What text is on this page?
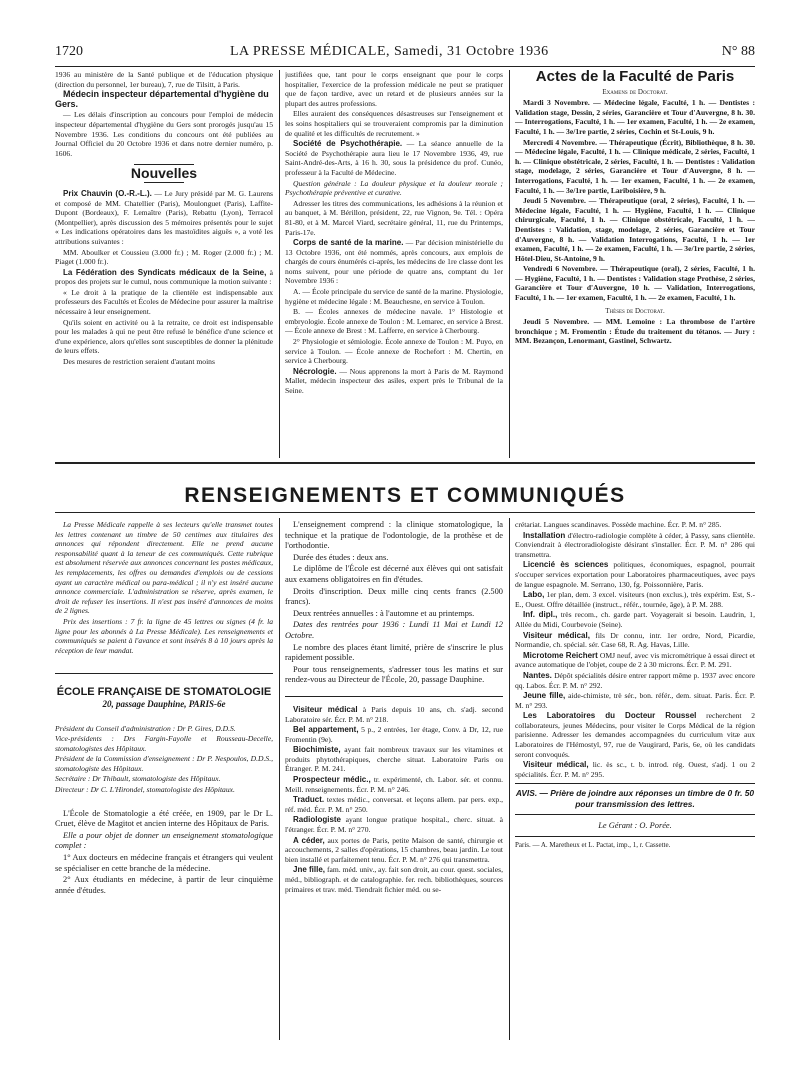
1720	LA PRESSE MÉDICALE, Samedi, 31 Octobre 1936	N° 88

1936 au ministère de la Santé publique et de l'éducation physique (direction du personnel, 1er bureau), 7, rue de Tilsitt, à Paris.

Médecin inspecteur départemental d'hygiène du Gers.

— Les délais d'inscription au concours pour l'emploi de médecin inspecteur départemental d'hygiène du Gers sont prorogés jusqu'au 15 Novembre 1936. Les conditions du concours ont été publiées au Journal Officiel du 20 Octobre 1936 et dans notre dernier numéro, p. 1606.

Nouvelles

Prix Chauvin (O.-R.-L.). — Le Jury présidé par M. G. Laurens et composé de MM. Chatellier (Paris), Moulonguet (Paris), Laffite-Dupont (Bordeaux), F. Lemaître (Paris), Rebattu (Lyon), Terracol (Montpellier), après discussion des 5 mémoires présentés pour le sujet « Les indications opératoires dans les mastoïdites aiguës », a voté les attributions suivantes :

MM. Aboulker et Coussieu (3.000 fr.) ; M. Roger (2.000 fr.) ; M. Piaget (1.000 fr.).

La Fédération des Syndicats médicaux de la Seine, à propos des projets sur le cumul, nous communique la motion suivante :

« Le droit à la pratique de la clientèle est indispensable aux professeurs des Facultés et Écoles de Médecine pour assurer la maîtrise nécessaire à leur enseignement.

Qu'ils soient en activité ou à la retraite, ce droit est indispensable pour les malades à qui ne peut être refusé le bénéfice d'une science et d'une expérience, alors qu'elles sont susceptibles de donner la plénitude de leurs effets.

Des mesures de restriction seraient d'autant moins

justifiées que, tant pour le corps enseignant que pour le corps hospitalier, l'exercice de la profession médicale ne peut se pratiquer que de façon tardive, avec un retard et de plusieurs années sur la plupart des autres professions.

Elles auraient des conséquences désastreuses sur l'enseignement et les soins hospitaliers qui se trouveraient compromis par la diminution de qualité et les difficultés de recrutement. »

Société de Psychothérapie. — La séance annuelle de la Société de Psychothérapie aura lieu le 17 Novembre 1936, 49, rue Saint-André-des-Arts, à 16 h. 30, sous la présidence du prof. Cunéo, professeur à la Faculté de Médecine.

Question générale : La douleur physique et la douleur morale ; Psychothérapie préventive et curative.

Adresser les titres des communications, les adhésions à la réunion et au banquet, à M. Bérillon, président, 22, rue Vignon, 9e. Tél. : Opéra 81-80, et à M. Marcel Viard, secrétaire général, 11, rue du Printemps, Paris-17e.

Corps de santé de la marine. — Par décision ministérielle du 13 Octobre 1936, ont été nommés, après concours, aux emplois de chargés de cours énumérés ci-après, les médecins de 1re classe dont les noms suivent, pour une période de quatre ans, comptant du 1er Novembre 1936 :

A. — École principale du service de santé de la marine. Physiologie, hygiène et médecine légale : M. Beauchesne, en service à Toulon.

B. — Écoles annexes de médecine navale. 1° Histologie et embryologie. École annexe de Toulon : M. Lemarec, en service à Brest. — École annexe de Brest : M. Lafferre, en service à Cherbourg.

2° Physiologie et sémiologie. École annexe de Toulon : M. Puyo, en service à Toulon. — École annexe de Rochefort : M. Chertin, en service à Cherbourg.

Nécrologie. — Nous apprenons la mort à Paris de M. Raymond Mallet, médecin inspecteur des asiles, expert près le Tribunal de la Seine.

Actes de la Faculté de Paris

Examens de Doctorat.

Mardi 3 Novembre. — Médecine légale, Faculté, 1 h. — Dentistes : Validation stage, Dessin, 2 séries, Garancière et Tour d'Auvergne, 8 h. 30. — Interrogations, Faculté, 1 h. — 1er examen, Faculté, 1 h. — 2e examen, Faculté, 1 h. — 3e/1re partie, 2 séries, Cochin et St-Louis, 9 h.

Mercredi 4 Novembre. — Thérapeutique (Écrit), Bibliothèque, 8 h. 30. — Médecine légale, Faculté, 1 h. — Clinique médicale, 2 séries, Faculté, 1 h. — Clinique obstétricale, 2 séries, Faculté, 1 h. — Dentistes : Validation stage, modelage, 2 séries, Garancière et Tour d'Auvergne, 8 h. — Interrogations, Faculté, 1 h. — 1er examen, Faculté, 1 h. — 2e examen, Faculté, 1 h. — 3e/1re partie, Lariboisière, 9 h.

Jeudi 5 Novembre. — Thérapeutique (oral, 2 séries), Faculté, 1 h. — Médecine légale, Faculté, 1 h. — Hygiène, Faculté, 1 h. — Clinique chirurgicale, Faculté, 1 h. — Clinique obstétricale, Faculté, 1 h. — Dentistes : Validation, stage, modelage, 2 séries, Garancière et Tour d'Auvergne, 8 h. — Validation Interrogations, Faculté, 1 h. — 1er examen, Faculté, 1 h. — 2e examen, Faculté, 1 h. — 3e/1re partie, 2 séries, Hôtel-Dieu, St-Antoine, 9 h.

Vendredi 6 Novembre. — Thérapeutique (oral), 2 séries, Faculté, 1 h. — Hygiène, Faculté, 1 h. — Dentistes : Validation stage Prothèse, 2 séries, Garancière et Tour d'Auvergne, 10 h. — Validation, Interrogations, Faculté, 1 h. — 1er examen, Faculté, 1 h. — 2e examen, Faculté, 1 h.

Thèses de Doctorat.

Jeudi 5 Novembre. — MM. Lemoine : La thrombose de l'artère bronchique ; M. Fromentin : Étude du traitement du tétanos. — Jury : MM. Bezançon, Lenormant, Gastinel, Schwartz.

RENSEIGNEMENTS ET COMMUNIQUÉS

La Presse Médicale rappelle à ses lecteurs qu'elle transmet toutes les lettres contenant un timbre de 50 centimes aux titulaires des annonces qui répondent directement. Elle ne prend aucune responsabilité quant à la teneur de ces communiqués. Cette rubrique est absolument réservée aux annonces concernant les postes médicaux, les remplacements, les offres ou demandes d'emplois ou de cessions ayant un caractère médical ou para-médical ; il n'y est inséré aucune annonce commerciale. L'administration se réserve, après examen, le droit de refuser les insertions. Il n'est pas inséré d'annonces de moins de 2 lignes.

Prix des insertions : 7 fr. la ligne de 45 lettres ou signes (4 fr. la ligne pour les abonnés à La Presse Médicale). Les renseignements et communiqués se paient à l'avance et sont insérés 8 à 10 jours après la réception de leur mandat.

ÉCOLE FRANÇAISE DE STOMATOLOGIE
20, passage Dauphine, PARIS-6e

Président du Conseil d'administration : Dr P. Gires, D.D.S.

Vice-présidents : Drs Fargin-Fayolle et Rousseau-Decelle, stomatologistes des Hôpitaux.

Président de la Commission d'enseignement : Dr P. Nespoulos, D.D.S., stomatologiste des Hôpitaux.

Secrétaire : Dr Thibault, stomatologiste des Hôpitaux.

Directeur : Dr C. L'Hirondel, stomatologiste des Hôpitaux.

L'École de Stomatologie a été créée, en 1909, par le Dr L. Cruet, élève de Magitot et ancien interne des Hôpitaux de Paris.

Elle a pour objet de donner un enseignement stomatologique complet :

1° Aux docteurs en médecine français et étrangers qui veulent se spécialiser en cette branche de la médecine.

2° Aux étudiants en médecine, à partir de leur cinquième année d'études.

L'enseignement comprend : la clinique stomatologique, la technique et la pratique de l'odontologie, de la prothèse et de l'orthodontie.

Durée des études : deux ans.

Le diplôme de l'École est décerné aux élèves qui ont satisfait aux examens obligatoires en fin d'études.

Droits d'inscription. Deux mille cinq cents francs (2.500 francs).

Deux rentrées annuelles : à l'automne et au printemps.

Dates des rentrées pour 1936 : Lundi 11 Mai et Lundi 12 Octobre.

Le nombre des places étant limité, prière de s'inscrire le plus rapidement possible.

Pour tous renseignements, s'adresser tous les matins et sur rendez-vous au Directeur de l'École, 20, passage Dauphine.

Visiteur médical à Paris depuis 10 ans, ch. s'adj. second Laboratoire sér. Écr. P. M. n° 218.

Bel appartement, 5 p., 2 entrées, 1er étage, Conv. à Dr, 12, rue Fromentin (9e).

Biochimiste, ayant fait nombreux travaux sur les vitamines et produits phytothérapiques, cherche situat. Laboratoire Paris ou Étranger. P. M. 241.

Prospecteur médic., tr. expérimenté, ch. Labor. sér. et connu. Meill. renseignements. Écr. P. M. n° 246.

Traduct. textes médic., conversat. et leçons allem. par pers. exp., réf. méd. Écr. P. M. n° 250.

Radiologiste ayant longue pratique hospital., cherc. situat. à l'étranger. Écr. P. M. n° 270.

A céder, aux portes de Paris, petite Maison de santé, chirurgie et accouchements, 2 salles d'opérations, 15 chambres, beau jardin. Le tout bien installé et parfaitement tenu. Écr. P. M. n° 276 qui transmettra.

Jne fille, fam. méd. univ., ay. fait son droit, au cour. quest. sociales, méd., bibliograph. et de catalographie. fer. rech. bibliothèques, sources primaires et trav. méd. Tiendrait fichier méd. ou se-

crétariat. Langues scandinaves. Possède machine. Écr. P. M. n° 285.

Installation d'électro-radiologie complète à céder, à Passy, sans clientèle. Conviendrait à électroradiologiste désirant s'installer. Écr. P. M. n° 286 qui transmettra.

Licencié ès sciences politiques, économiques, espagnol, pourrait s'occuper services exportation pour Laboratoires pharmaceutiques, avec pays de langue espagnole. M. Serrano, 130, fg. Poissonnière, Paris.

Labo, 1er plan, dem. 3 excel. visiteurs (non exclus.), très expérim. Est, S.-E., Ouest. Offre détaillée (instruct., référ., tournée, âge), à P. M. 288.

Inf. dipl., très recom., ch. garde part. Voyagerait si besoin. Laudrin, 1, Allée du Midi, Courbevoie (Seine).

Visiteur médical, fils Dr connu, intr. 1er ordre, Nord, Picardie, Normandie, ch. spécial. sér. Case 68, R. Ag. Havas, Lille.

Microtome Reichert OMJ neuf, avec vis micrométrique à essai direct et avance automatique de l'objet, coupe de 2 à 30 microns. Écr. P. M. 291.

Nantes. Dépôt spécialités désire entrer rapport même p. 1937 avec encore qq. Labos. Écr. P. M. n° 292.

Jeune fille, aide-chimiste, trè sér., bon. référ., dem. situat. Paris. Écr. P. M. n° 293.

Les Laboratoires du Docteur Roussel recherchent 2 collaborateurs, jeunes Médecins, pour visiter le Corps Médical de la région parisienne. Adresser les demandes accompagnées du curriculum vitæ aux Laboratoires de l'Hémostyl, 97, rue de Vaugirard, Paris, 6e, où les candidats seront convoqués.

Visiteur médical, lic. ès sc., t. b. introd. rég. Ouest, s'adj. 1 ou 2 spécialités. Écr. P. M. n° 295.

AVIS. — Prière de joindre aux réponses un timbre de 0 fr. 50 pour transmission des lettres.

Le Gérant : O. Porée.

Paris. — A. Maretheux et L. Pactat, imp., 1, r. Cassette.
